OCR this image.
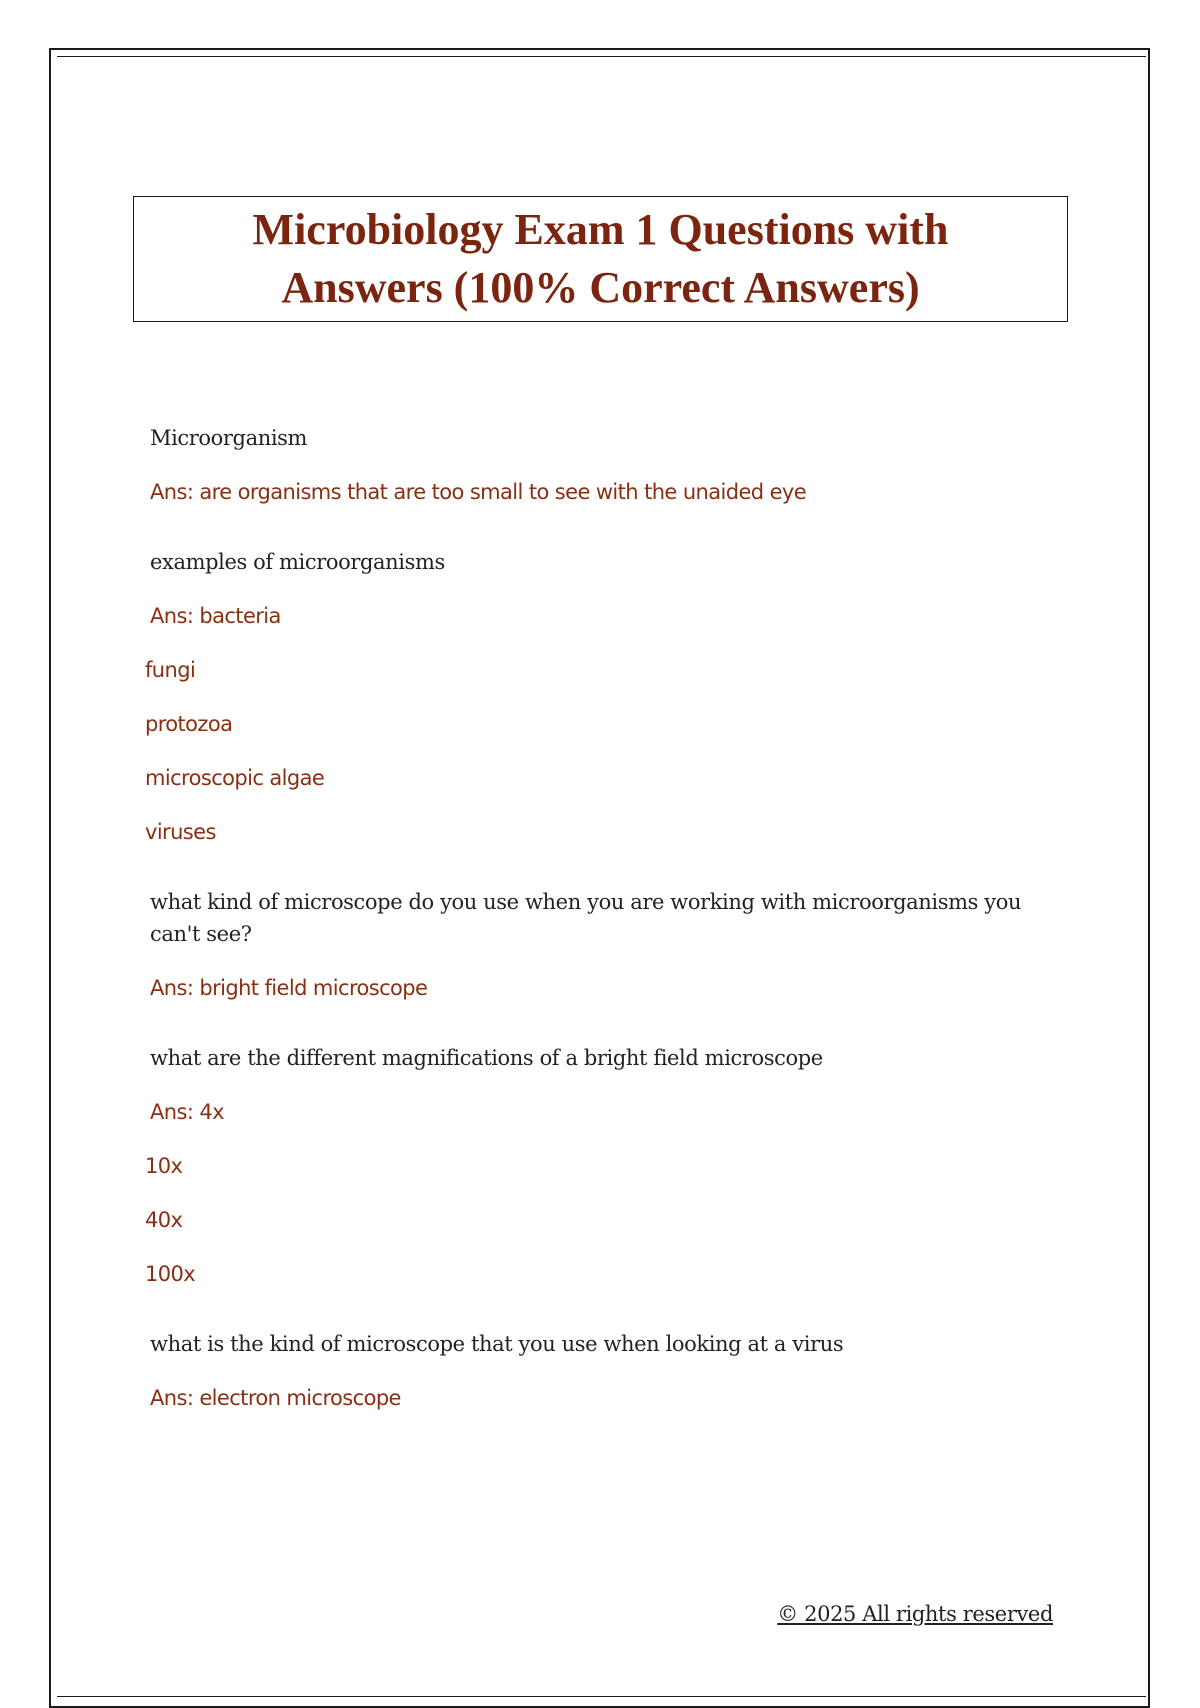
Microbiology Exam 1 Questions with Answers (100% Correct Answers)

Microorganism

Ans: are organisms that are too small to see with the unaided eye

examples of microorganisms

Ans: bacteria

fungi

protozoa

microscopic algae

viruses

what kind of microscope do you use when you are working with microorganisms you can't see?

Ans: bright field microscope

what are the different magnifications of a bright field microscope

Ans: 4x

10x

40x

100x

what is the kind of microscope that you use when looking at a virus

Ans: electron microscope

© 2025 All rights reserved
